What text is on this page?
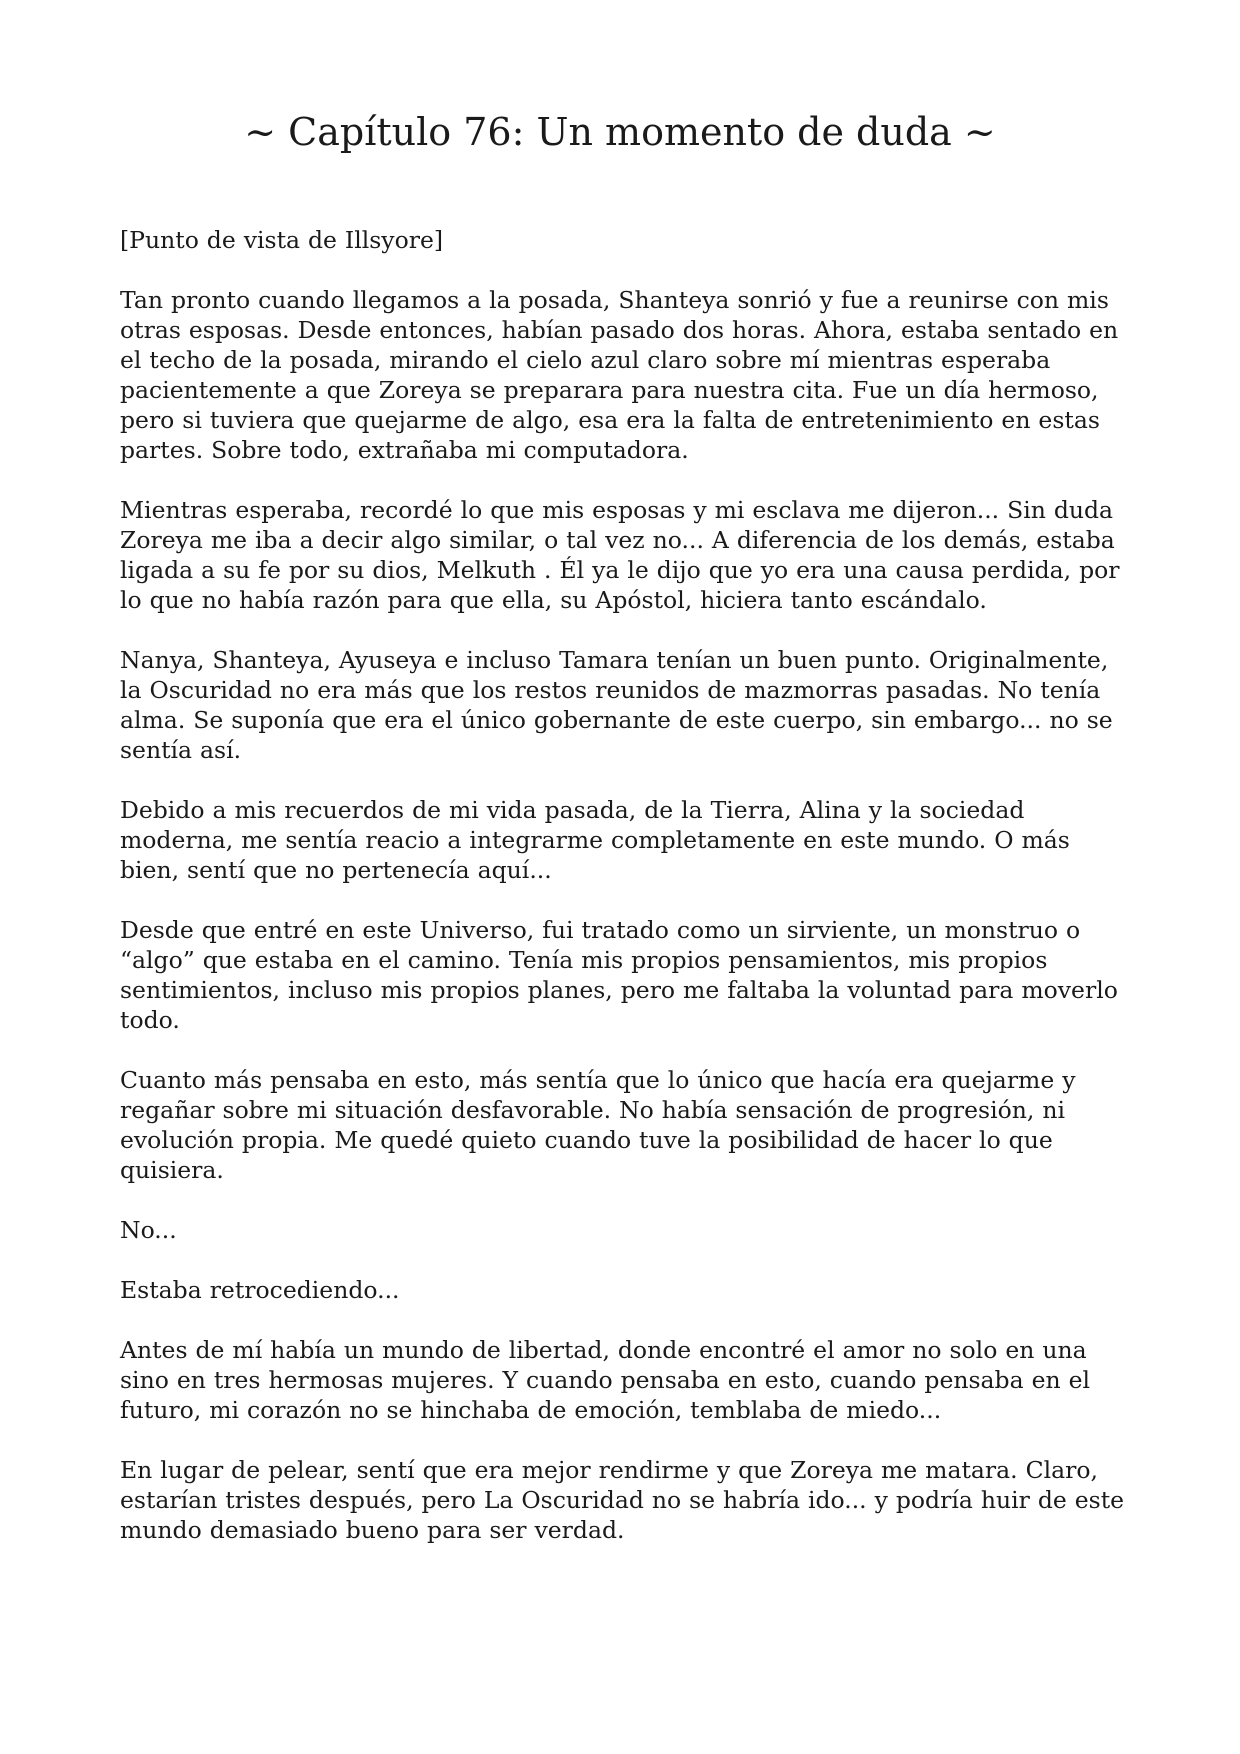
~ Capítulo 76: Un momento de duda ~

[Punto de vista de Illsyore]

Tan pronto cuando llegamos a la posada, Shanteya sonrió y fue a reunirse con mis otras esposas. Desde entonces, habían pasado dos horas. Ahora, estaba sentado en el techo de la posada, mirando el cielo azul claro sobre mí mientras esperaba pacientemente a que Zoreya se preparara para nuestra cita. Fue un día hermoso, pero si tuviera que quejarme de algo, esa era la falta de entretenimiento en estas partes. Sobre todo, extrañaba mi computadora.

Mientras esperaba, recordé lo que mis esposas y mi esclava me dijeron... Sin duda Zoreya me iba a decir algo similar, o tal vez no... A diferencia de los demás, estaba ligada a su fe por su dios, Melkuth . Él ya le dijo que yo era una causa perdida, por lo que no había razón para que ella, su Apóstol, hiciera tanto escándalo.

Nanya, Shanteya, Ayuseya e incluso Tamara tenían un buen punto. Originalmente, la Oscuridad no era más que los restos reunidos de mazmorras pasadas. No tenía alma. Se suponía que era el único gobernante de este cuerpo, sin embargo... no se sentía así.

Debido a mis recuerdos de mi vida pasada, de la Tierra, Alina y la sociedad moderna, me sentía reacio a integrarme completamente en este mundo. O más bien, sentí que no pertenecía aquí...

Desde que entré en este Universo, fui tratado como un sirviente, un monstruo o “algo” que estaba en el camino. Tenía mis propios pensamientos, mis propios sentimientos, incluso mis propios planes, pero me faltaba la voluntad para moverlo todo.

Cuanto más pensaba en esto, más sentía que lo único que hacía era quejarme y regañar sobre mi situación desfavorable. No había sensación de progresión, ni evolución propia. Me quedé quieto cuando tuve la posibilidad de hacer lo que quisiera.

No...

Estaba retrocediendo...

Antes de mí había un mundo de libertad, donde encontré el amor no solo en una sino en tres hermosas mujeres. Y cuando pensaba en esto, cuando pensaba en el futuro, mi corazón no se hinchaba de emoción, temblaba de miedo...

En lugar de pelear, sentí que era mejor rendirme y que Zoreya me matara. Claro, estarían tristes después, pero La Oscuridad no se habría ido... y podría huir de este mundo demasiado bueno para ser verdad.
